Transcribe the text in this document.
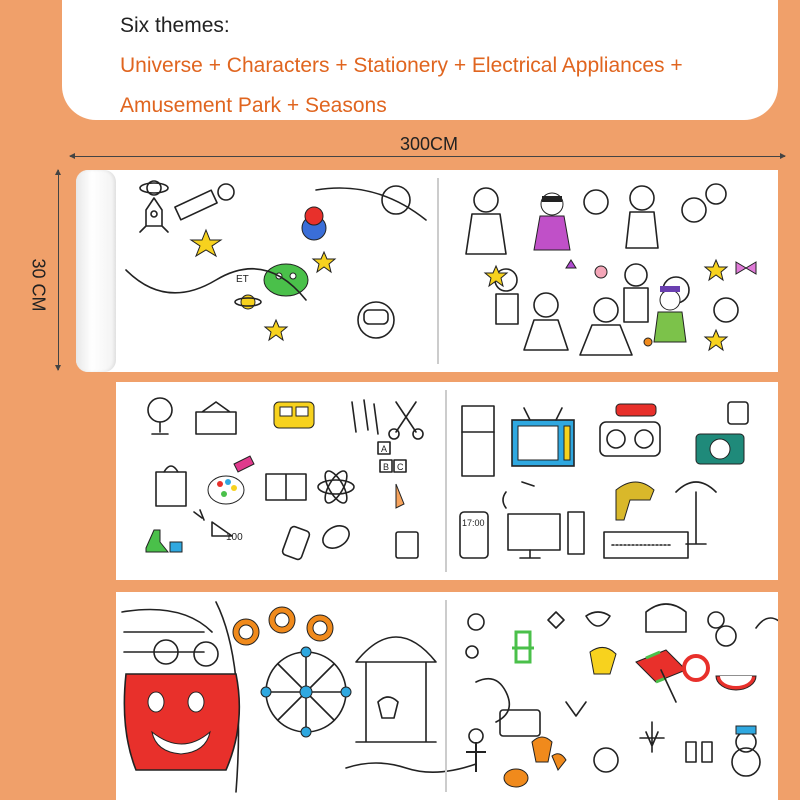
Six themes:
Universe + Characters + Stationery + Electrical Appliances +
Amusement Park + Seasons
300CM
30 CM	ET
A
B C
100
17:00
